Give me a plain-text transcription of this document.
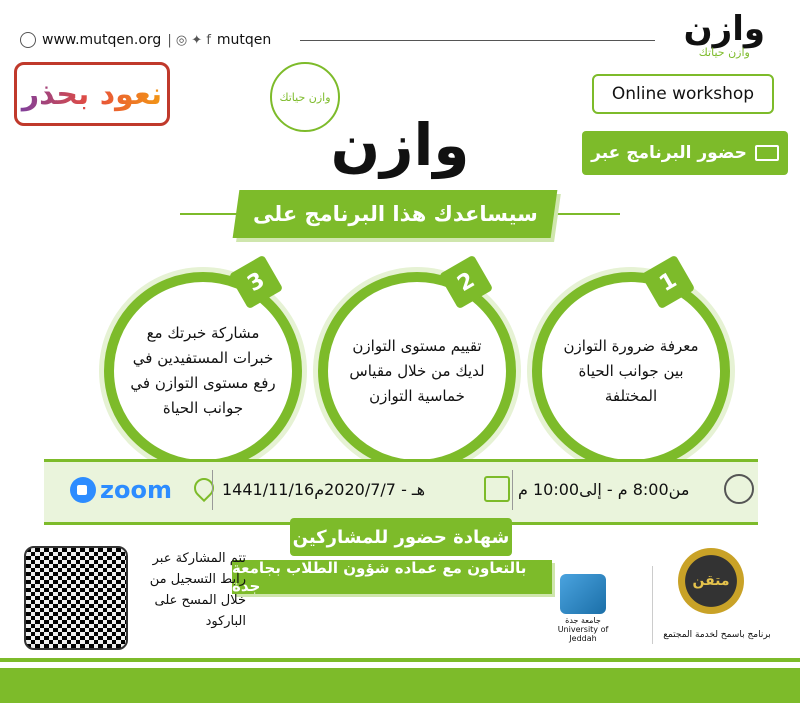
www.mutqen.org | ◎ ✦ f mutqen	وازن
وازن حياتك
نعود بحذر	وازن حياتك
وازن
Online workshop
حضور البرنامج عبر
سيساعدك هذا البرنامج على
معرفة ضرورة التوازن بين جوانب الحياة المختلفة
1
تقييم مستوى التوازن لديك من خلال مقياس خماسية التوازن
2
مشاركة خبرتك مع خبرات المستفيدين في رفع مستوى التوازن في جوانب الحياة
3
zoom	1441/11/16هـ - 2020/7/7م	من8:00 م - إلى10:00 م
شهادة حضور للمشاركين
بالتعاون مع عماده شؤون الطلاب بجامعة جدة
تتم المشاركة عبر رابط التسجيل من خلال المسح على الباركود	جامعة جدة
University of Jeddah
متقن
برنامج باسمح لخدمة المجتمع
